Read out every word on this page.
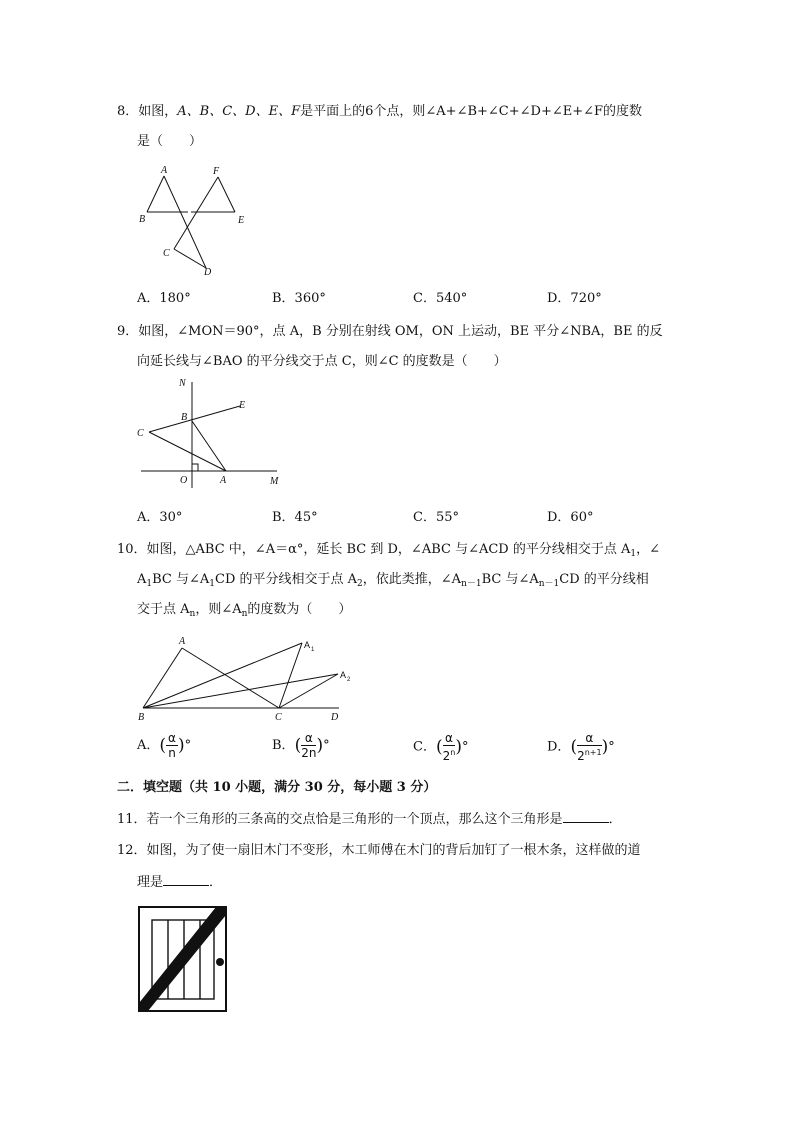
8．如图，A、B、C、D、E、F是平面上的6个点，则∠A+∠B+∠C+∠D+∠E+∠F的度数
是（　　）
A	F
B	E
C
D
A．180°	B．360°	C．540°	D．720°
9．如图，∠MON＝90°，点 A，B 分别在射线 OM，ON 上运动，BE 平分∠NBA，BE 的反
向延长线与∠BAO 的平分线交于点 C，则∠C 的度数是（　　）
N
E
B
C
O	A	M
A．30°	B．45°	C．55°	D．60°
10．如图，△ABC 中，∠A＝α°，延长 BC 到 D，∠ABC 与∠ACD 的平分线相交于点 $A_1$，∠
$A_1BC$ 与$\angle A_1CD$ 的平分线相交于点 $A_2$，依此类推，$\angle A_{n-1}BC$ 与$\angle A_{n-1}CD$ 的平分线相
交于点 $A_n$，则$\angle A_n$的度数为（　　）
A	A 1
A 2
B	C	D
A．( $\frac{\alpha}{n}$ )°	B．( $\frac{\alpha}{2n}$ )°	C．( $\frac{\alpha}{2^n}$ )°	D．( $\frac{\alpha}{2^{n+1}}$ )°
二．填空题（共 10 小题，满分 30 分，每小题 3 分）
11．若一个三角形的三条高的交点恰是三角形的一个顶点，那么这个三角形是	．
12．如图，为了使一扇旧木门不变形，木工师傅在木门的背后加钉了一根木条，这样做的道
理是	．
